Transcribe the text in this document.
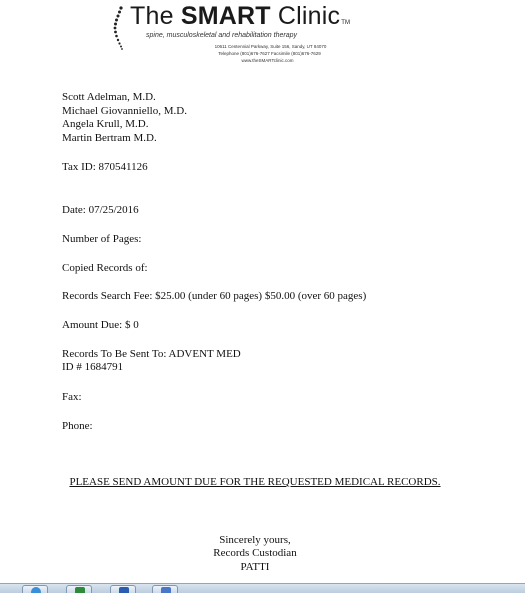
The SMART ClinicTM
spine, musculoskeletal and rehabilitation therapy
10611 Centennial Parkway, Suite 156, Sandy, UT 84070
Telephone (801)676-7627 Facsimile (801)676-7629
www.theSMARTclinic.com
Scott Adelman, M.D.
Michael Giovanniello, M.D.
Angela Krull, M.D.
Martin Bertram M.D.
Tax ID: 870541126
Date: 07/25/2016
Number of Pages:
Copied Records of:
Records Search Fee: $25.00 (under 60 pages) $50.00 (over 60 pages)
Amount Due: $ 0
Records To Be Sent To: ADVENT MED
ID # 1684791
Fax:
Phone:
PLEASE SEND AMOUNT DUE FOR THE REQUESTED MEDICAL RECORDS.
Sincerely yours,
Records Custodian
PATTI
